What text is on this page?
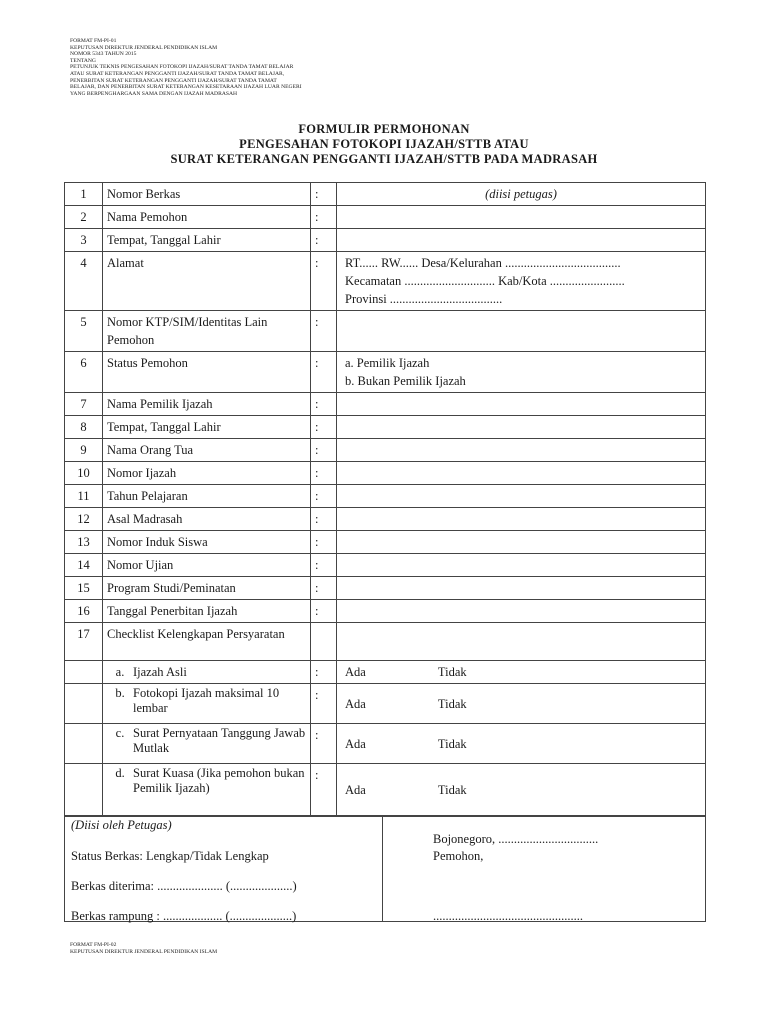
FORMAT FM-PI-01
KEPUTUSAN DIREKTUR JENDERAL PENDIDIKAN ISLAM
NOMOR 5343 TAHUN 2015
TENTANG
PETUNJUK TEKNIS PENGESAHAN FOTOKOPI IJAZAH/SURAT TANDA TAMAT BELAJAR
ATAU SURAT KETERANGAN PENGGANTI IJAZAH/SURAT TANDA TAMAT BELAJAR,
PENERBITAN SURAT KETERANGAN PENGGANTI IJAZAH/SURAT TANDA TAMAT
BELAJAR, DAN PENERBITAN SURAT KETERANGAN KESETARAAN IJAZAH LUAR NEGERI
YANG BERPENGHARGAAN SAMA DENGAN IJAZAH MADRASAH
FORMULIR PERMOHONAN
PENGESAHAN FOTOKOPI IJAZAH/STTB ATAU
SURAT KETERANGAN PENGGANTI IJAZAH/STTB PADA MADRASAH
1	Nomor Berkas	:	(diisi petugas)
2	Nama Pemohon	:	
3	Tempat, Tanggal Lahir	:	
4	Alamat	:	RT...... RW...... Desa/Kelurahan .....................................
Kecamatan ............................. Kab/Kota ........................
Provinsi ....................................

5	Nomor KTP/SIM/Identitas Lain Pemohon	:	
6	Status Pemohon	:	a. Pemilik Ijazah
b. Bukan Pemilik Ijazah

7	Nama Pemilik Ijazah	:	
8	Tempat, Tanggal Lahir	:	
9	Nama Orang Tua	:	
10	Nomor Ijazah	:	
11	Tahun Pelajaran	:	
12	Asal Madrasah	:	
13	Nomor Induk Siswa	:	
14	Nomor Ujian	:	
15	Program Studi/Peminatan	:	
16	Tanggal Penerbitan Ijazah	:	
17	Checklist Kelengkapan Persyaratan		

	a. Ijazah Asli	:	Ada Tidak

	b. Fotokopi Ijazah maksimal 10 lembar	:	Ada Tidak

	c. Surat Pernyataan Tanggung Jawab Mutlak	:	Ada Tidak

	d. Surat Kuasa (Jika pemohon bukan Pemilik Ijazah)	:	Ada Tidak
(Diisi oleh Petugas)
Status Berkas: Lengkap/Tidak Lengkap
Berkas diterima: ..................... (....................)
Berkas rampung : ................... (....................)

Bojonegoro, ................................
Pemohon,
................................................
FORMAT FM-PI-02
KEPUTUSAN DIREKTUR JENDERAL PENDIDIKAN ISLAM
